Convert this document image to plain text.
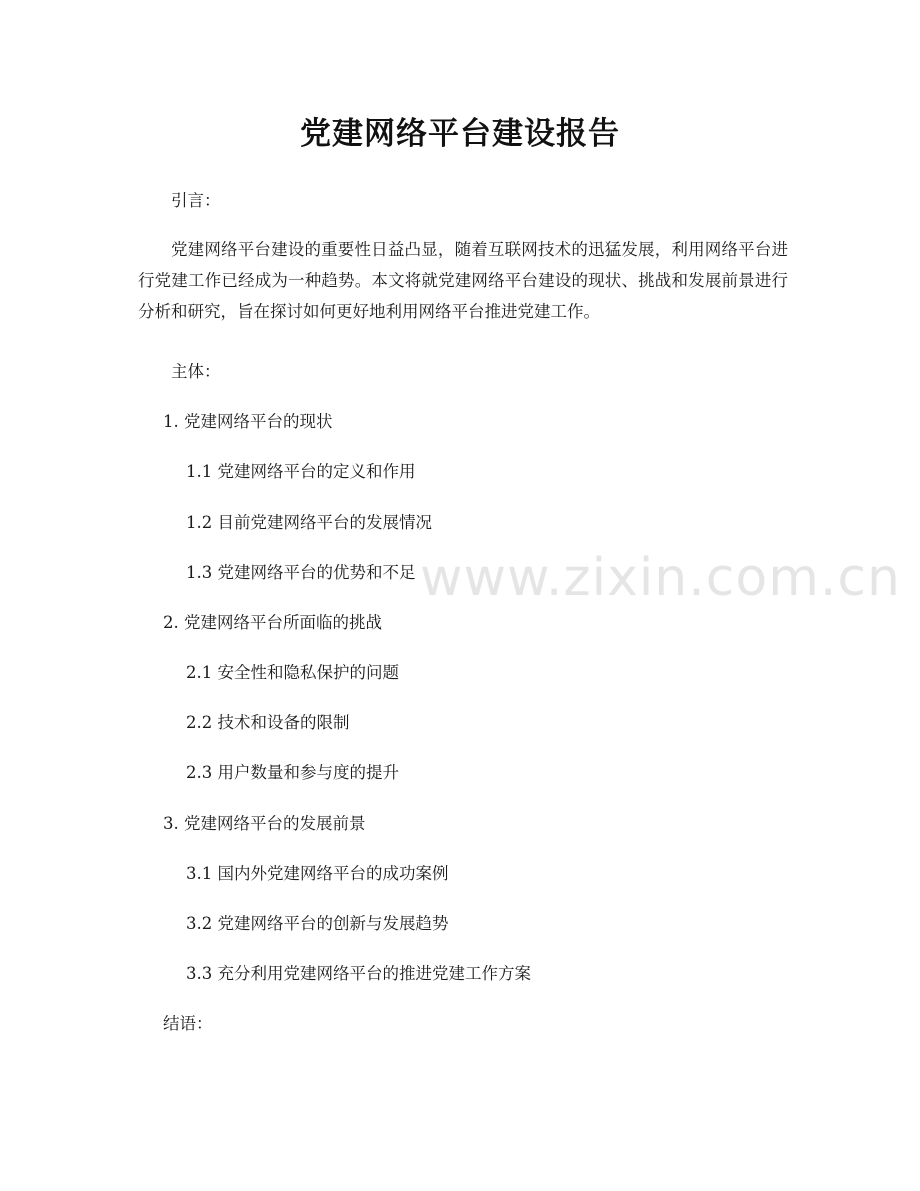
党建网络平台建设报告
引言：
党建网络平台建设的重要性日益凸显，随着互联网技术的迅猛发展，利用网络平台进行党建工作已经成为一种趋势。本文将就党建网络平台建设的现状、挑战和发展前景进行分析和研究，旨在探讨如何更好地利用网络平台推进党建工作。
主体：
1. 党建网络平台的现状
1.1 党建网络平台的定义和作用
1.2 目前党建网络平台的发展情况
1.3 党建网络平台的优势和不足
2. 党建网络平台所面临的挑战
2.1 安全性和隐私保护的问题
2.2 技术和设备的限制
2.3 用户数量和参与度的提升
3. 党建网络平台的发展前景
3.1 国内外党建网络平台的成功案例
3.2 党建网络平台的创新与发展趋势
3.3 充分利用党建网络平台的推进党建工作方案
结语：
www.zixin.com.cn
